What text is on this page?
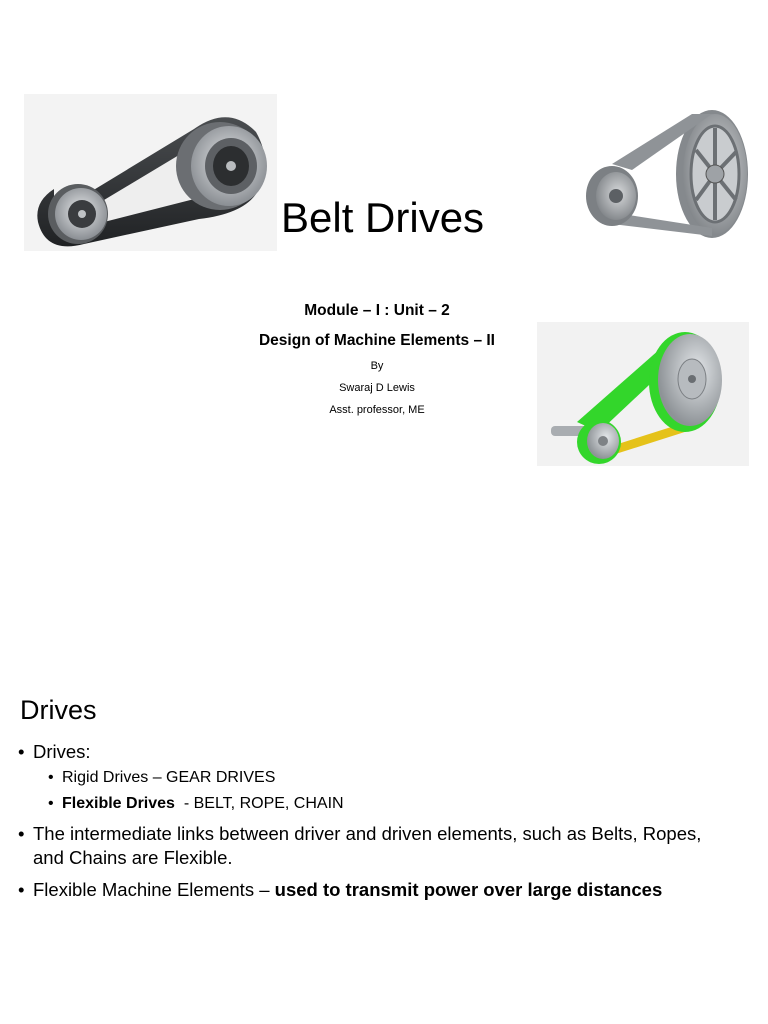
Belt Drives
Module – I : Unit – 2
Design of Machine Elements – II
By
Swaraj D Lewis
Asst. professor, ME
Drives
• Drives:
• Rigid Drives – GEAR DRIVES
• Flexible Drives  - BELT, ROPE, CHAIN
• The intermediate links between driver and driven elements, such as Belts, Ropes, and Chains are Flexible.
• Flexible Machine Elements – used to transmit power over large distances
